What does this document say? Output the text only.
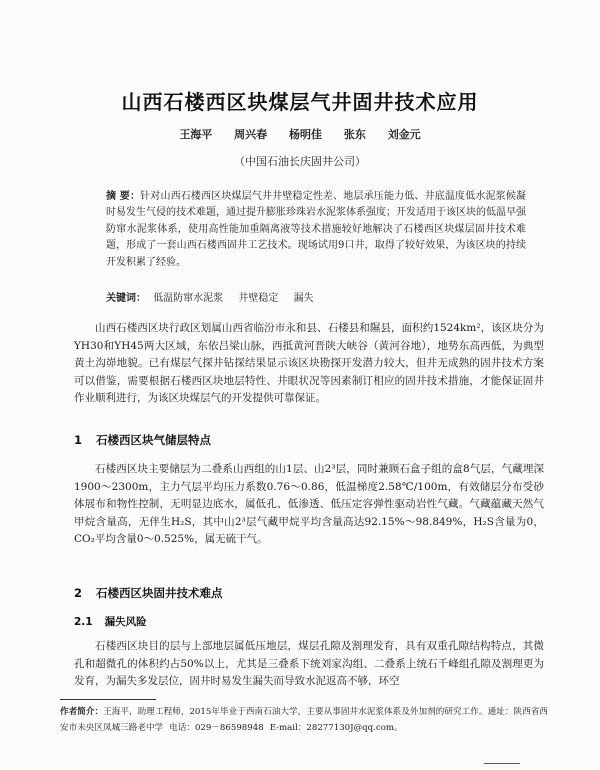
山西石楼西区块煤层气井固井技术应用
王海平 周兴春 杨明佳 张东 刘金元
（中国石油长庆固井公司）
摘 要：针对山西石楼西区块煤层气井井壁稳定性差、地层承压能力低、井底温度低水泥浆候凝时易发生气侵的技术难题，通过提升膨胀珍珠岩水泥浆体系强度；开发适用于该区块的低温早强防窜水泥浆体系，使用高性能加重隔离液等技术措施较好地解决了石楼西区块煤层固井技术难题，形成了一套山西石楼西固井工艺技术。现场试用9口井，取得了较好效果，为该区块的持续开发积累了经验。
关键词： 低温防窜水泥浆 井壁稳定 漏失
山西石楼西区块行政区划属山西省临汾市永和县、石楼县和隰县，面积约1524km²，该区块分为YH30和YH45两大区域，东依吕梁山脉，西抵黄河晋陕大峡谷（黄河谷地），地势东高西低，为典型黄土沟峁地貌。已有煤层气探井钻探结果显示该区块勘探开发潜力较大，但井无成熟的固井技术方案可以借鉴，需要根据石楼西区块地层特性、井眼状况等因素制订相应的固井技术措施，才能保证固井作业顺利进行，为该区块煤层气的开发提供可靠保证。
1 石楼西区块气储层特点
石楼西区块主要储层为二叠系山西组的山1层、山2³层，同时兼顾石盒子组的盒8气层，气藏埋深1900～2300m，主力气层平均压力系数0.76～0.86，低温梯度2.58℃/100m，有效储层分布受砂体展布和物性控制，无明显边底水，属低孔、低渗透、低压定容弹性驱动岩性气藏。气藏蕴藏天然气甲烷含量高，无伴生H₂S，其中山2³层气藏甲烷平均含量高达92.15%～98.849%，H₂S含量为0，CO₂平均含量0～0.525%，属无硫干气。
2 石楼西区块固井技术难点
2.1 漏失风险
石楼西区块目的层与上部地层属低压地层，煤层孔隙及割理发育，具有双重孔隙结构特点，其微孔和超微孔的体积约占50%以上，尤其是三叠系下统刘家沟组、二叠系上统石千峰组孔隙及割理更为发育，为漏失多发层位，固井时易发生漏失而导致水泥返高不够，环空
作者简介：王海平，助理工程师，2015年毕业于西南石油大学，主要从事固井水泥浆体系及外加剂的研究工作。通址：陕西省西安市未央区凤城三路老中学 电话：029－86598948 E-mail：28277130J@qq.com。
